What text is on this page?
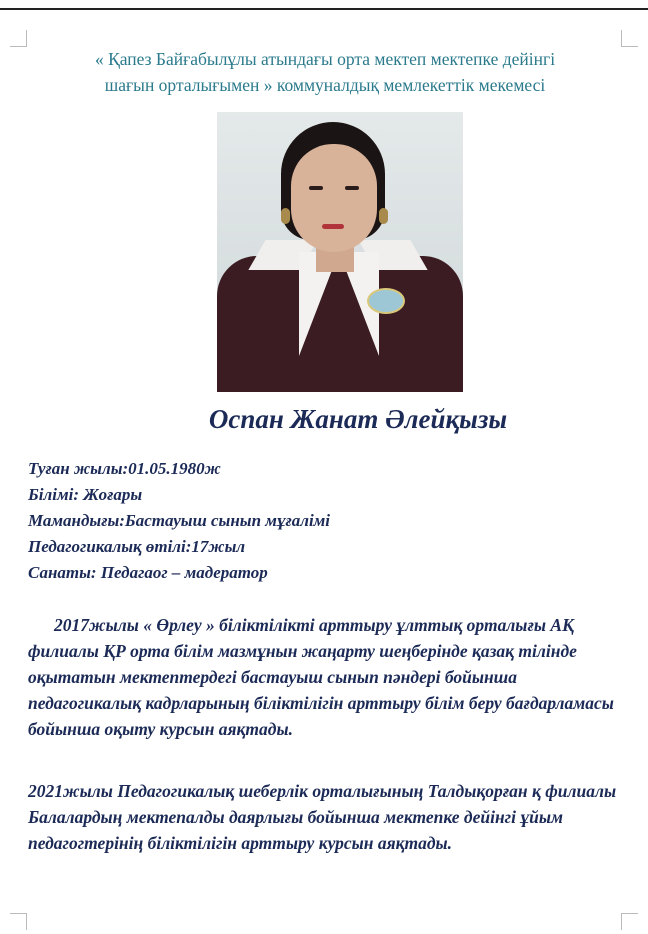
« Қапез Байғабылұлы атындағы орта мектеп мектепке дейінгі
шағын орталығымен » коммуналдық мемлекеттік мекемесі
Оспан Жанат Әлейқызы
Туған жылы:01.05.1980ж
Білімі: Жоғары
Мамандығы:Бастауыш сынып мұғалімі
Педагогикалық өтілі:17жыл
Санаты: Педагаог – мадератор
2017жылы « Өрлеу » біліктілікті арттыру ұлттық орталығы АҚ филиалы ҚР орта білім мазмұнын жаңарту шеңберінде қазақ тілінде оқытатын мектептердегі бастауыш сынып пәндері бойынша педагогикалық кадрларының біліктілігін арттыру білім беру бағдарламасы бойынша оқыту курсын аяқтады.
2021жылы Педагогикалық шеберлік орталығының Талдықорған қ филиалы Балалардың мектепалды даярлығы бойынша мектепке дейінгі ұйым педагогтерінің біліктілігін арттыру курсын аяқтады.
